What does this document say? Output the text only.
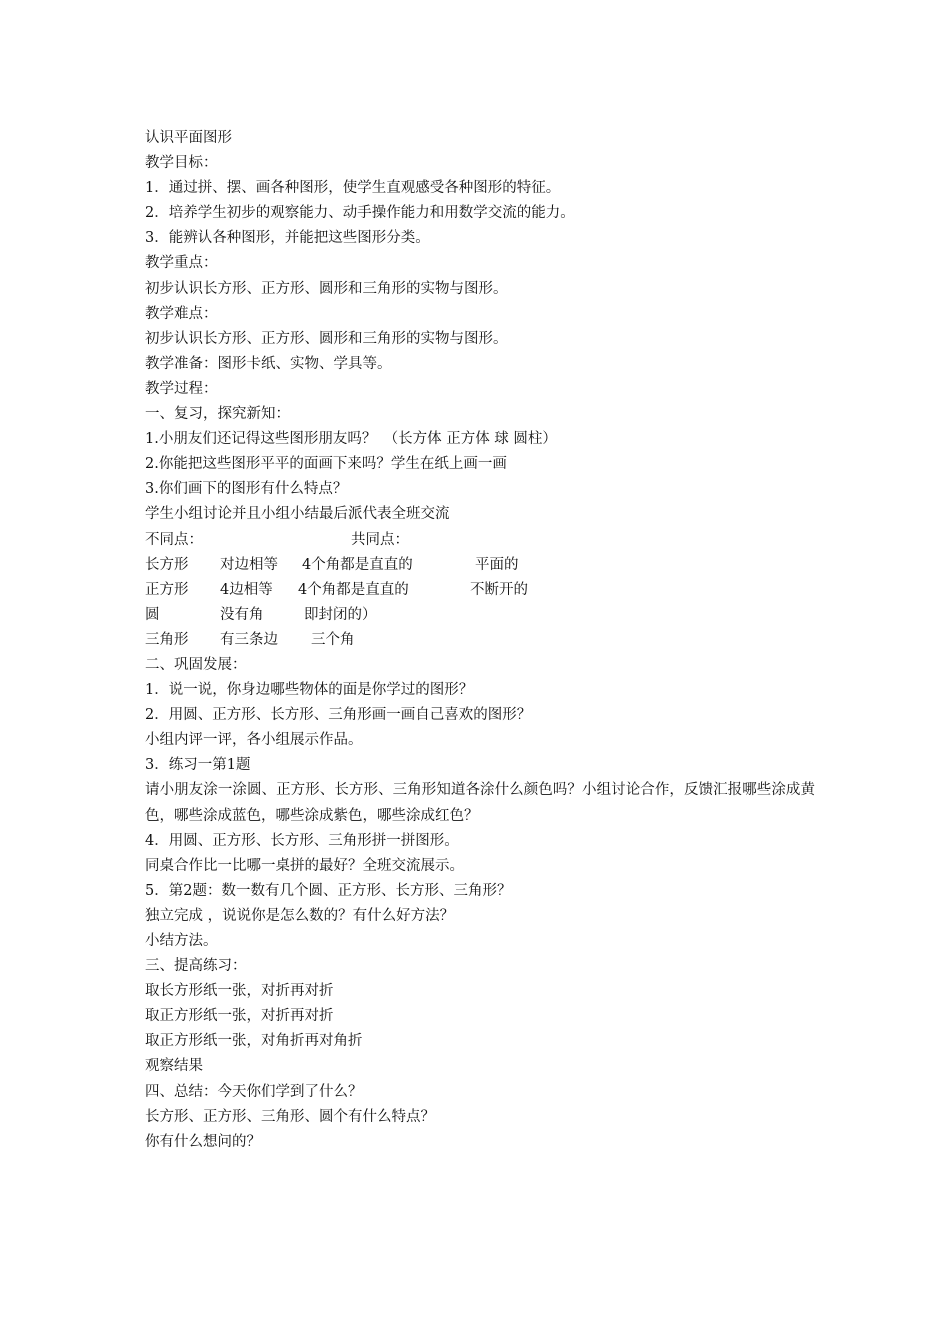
认识平面图形
教学目标：
1．通过拼、摆、画各种图形，使学生直观感受各种图形的特征。
2．培养学生初步的观察能力、动手操作能力和用数学交流的能力。
3．能辨认各种图形，并能把这些图形分类。
教学重点：
初步认识长方形、正方形、圆形和三角形的实物与图形。
教学难点：
初步认识长方形、正方形、圆形和三角形的实物与图形。
教学准备：图形卡纸、实物、学具等。
教学过程：
一、复习，探究新知：
1.小朋友们还记得这些图形朋友吗？　（长方体 正方体 球 圆柱）
2.你能把这些图形平平的面画下来吗？学生在纸上画一画
3.你们画下的图形有什么特点？
学生小组讨论并且小组小结最后派代表全班交流
不同点：	共同点：
长方形 对边相等 4个角都是直直的	平面的
正方形 4边相等 4个角都是直直的	不断开的
圆	没有角	即封闭的）
三角形 有三条边 三个角
二、巩固发展：
1．说一说，你身边哪些物体的面是你学过的图形？
2．用圆、正方形、长方形、三角形画一画自己喜欢的图形？
小组内评一评，各小组展示作品。
3．练习一第1题
请小朋友涂一涂圆、正方形、长方形、三角形知道各涂什么颜色吗？小组讨论合作，反馈汇报哪些涂成黄色，哪些涂成蓝色，哪些涂成紫色，哪些涂成红色？
4．用圆、正方形、长方形、三角形拼一拼图形。
同桌合作比一比哪一桌拼的最好？全班交流展示。
5．第2题：数一数有几个圆、正方形、长方形、三角形？
独立完成 ，说说你是怎么数的？有什么好方法？
小结方法。
三、提高练习：
取长方形纸一张，对折再对折
取正方形纸一张，对折再对折
取正方形纸一张，对角折再对角折
观察结果
四、总结：今天你们学到了什么？
长方形、正方形、三角形、圆个有什么特点？
你有什么想问的？
